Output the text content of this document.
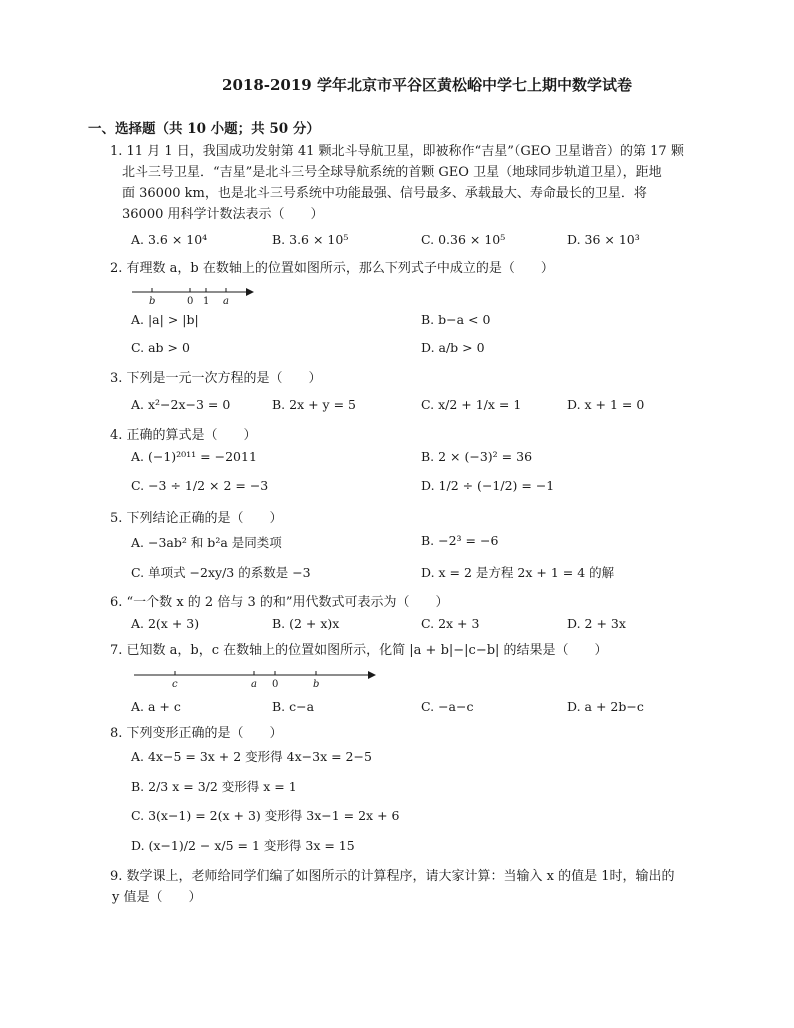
2018-2019 学年北京市平谷区黄松峪中学七上期中数学试卷
一、选择题（共 10 小题；共 50 分）
1. 11 月 1 日，我国成功发射第 41 颗北斗导航卫星，即被称作“吉星”（GEO 卫星谐音）的第 17 颗
北斗三号卫星．“吉星”是北斗三号全球导航系统的首颗 GEO 卫星（地球同步轨道卫星），距地
面 36000 km，也是北斗三号系统中功能最强、信号最多、承载最大、寿命最长的卫星．将
36000 用科学计数法表示（　　）
A. 3.6 × 10⁴	B. 3.6 × 10⁵	C. 0.36 × 10⁵	D. 36 × 10³
2. 有理数 a，b 在数轴上的位置如图所示，那么下列式子中成立的是（　　）
b	0 1 a
A. |a| > |b|	B. b−a < 0
C. ab > 0	D. a/b > 0
3. 下列是一元一次方程的是（　　）
A. x²−2x−3 = 0	B. 2x + y = 5	C. x/2 + 1/x = 1	D. x + 1 = 0
4. 正确的算式是（　　）
A. (−1)²⁰¹¹ = −2011	B. 2 × (−3)² = 36
C. −3 ÷ 1/2 × 2 = −3	D. 1/2 ÷ (−1/2) = −1
5. 下列结论正确的是（　　）
A. −3ab² 和 b²a 是同类项	B. −2³ = −6
C. 单项式 −2xy/3 的系数是 −3	D. x = 2 是方程 2x + 1 = 4 的解
6. “一个数 x 的 2 倍与 3 的和”用代数式可表示为（　　）
A. 2(x + 3)	B. (2 + x)x	C. 2x + 3	D. 2 + 3x
7. 已知数 a，b，c 在数轴上的位置如图所示，化简 |a + b|−|c−b| 的结果是（　　）
c	a 0	b
A. a + c	B. c−a	C. −a−c	D. a + 2b−c
8. 下列变形正确的是（　　）
A. 4x−5 = 3x + 2 变形得 4x−3x = 2−5
B. 2/3 x = 3/2 变形得 x = 1
C. 3(x−1) = 2(x + 3) 变形得 3x−1 = 2x + 6
D. (x−1)/2 − x/5 = 1 变形得 3x = 15
9. 数学课上，老师给同学们编了如图所示的计算程序，请大家计算：当输入 x 的值是 1时，输出的
y 值是（　　）
